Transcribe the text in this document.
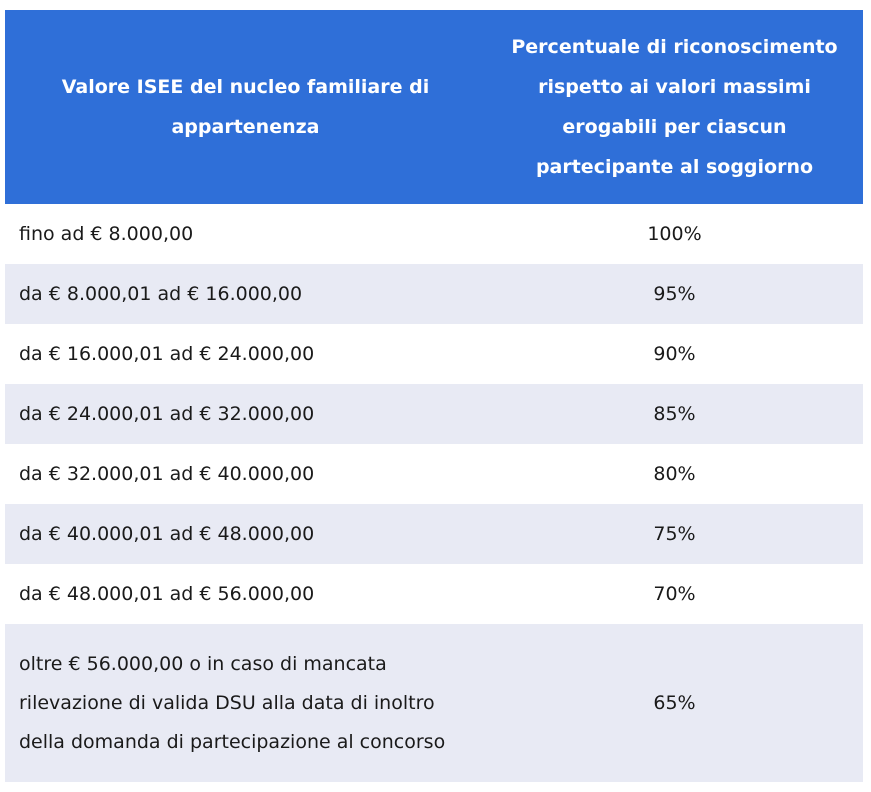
Valore ISEE del nucleo familiare di appartenenza	Percentuale di riconoscimento rispetto ai valori massimi erogabili per ciascun partecipante al soggiorno
fino ad € 8.000,00	100%
da € 8.000,01 ad € 16.000,00	95%
da € 16.000,01 ad € 24.000,00	90%
da € 24.000,01 ad € 32.000,00	85%
da € 32.000,01 ad € 40.000,00	80%
da € 40.000,01 ad € 48.000,00	75%
da € 48.000,01 ad € 56.000,00	70%
oltre € 56.000,00 o in caso di mancata rilevazione di valida DSU alla data di inoltro della domanda di partecipazione al concorso	65%
